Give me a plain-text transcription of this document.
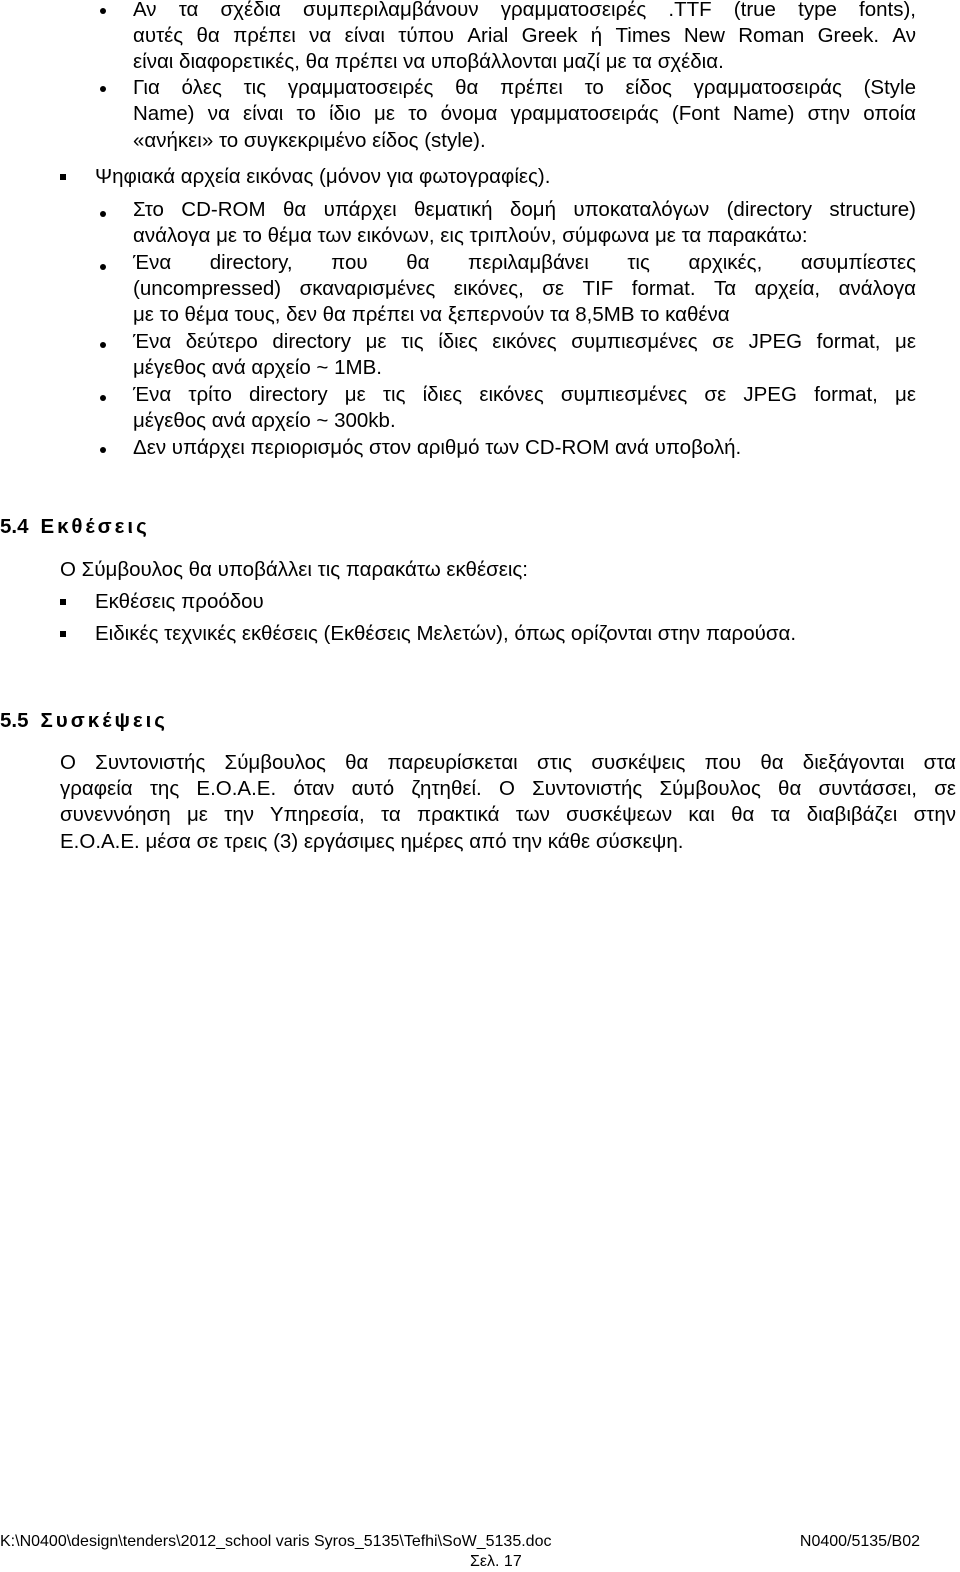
Αν τα σχέδια συμπεριλαμβάνουν γραμματοσειρές .TTF (true type fonts),
αυτές θα πρέπει να είναι τύπου Arial Greek ή Times New Roman Greek. Αν
είναι διαφορετικές, θα πρέπει να υποβάλλονται μαζί με τα σχέδια.
Για όλες τις γραμματοσειρές θα πρέπει το είδος γραμματοσειράς (Style
Name) να είναι το ίδιο με το όνομα γραμματοσειράς (Font Name) στην οποία
«ανήκει» το συγκεκριμένο είδος (style).
Ψηφιακά αρχεία εικόνας (μόνον για φωτογραφίες).
Στο CD-ROM θα υπάρχει θεματική δομή υποκαταλόγων (directory structure)
ανάλογα με το θέμα των εικόνων, εις τριπλούν, σύμφωνα με τα παρακάτω:
Ένα directory, που θα περιλαμβάνει τις αρχικές, ασυμπίεστες
(uncompressed) σκαναρισμένες εικόνες, σε TIF format. Τα αρχεία, ανάλογα
με το θέμα τους, δεν θα πρέπει να ξεπερνούν τα 8,5MB το καθένα
Ένα δεύτερο directory με τις ίδιες εικόνες συμπιεσμένες σε JPEG format, με
μέγεθος ανά αρχείο ~ 1MB.
Ένα τρίτο directory με τις ίδιες εικόνες συμπιεσμένες σε JPEG format, με
μέγεθος ανά αρχείο ~ 300kb.
Δεν υπάρχει περιορισμός στον αριθμό των CD-ROM ανά υποβολή.
5.4 Εκθέσεις
Ο Σύμβουλος θα υποβάλλει τις παρακάτω εκθέσεις:
Εκθέσεις προόδου
Ειδικές τεχνικές εκθέσεις (Εκθέσεις Μελετών), όπως ορίζονται στην παρούσα.
5.5 Συσκέψεις
Ο Συντονιστής Σύμβουλος θα παρευρίσκεται στις συσκέψεις που θα διεξάγονται στα
γραφεία της Ε.Ο.Α.Ε. όταν αυτό ζητηθεί. Ο Συντονιστής Σύμβουλος θα συντάσσει, σε
συνεννόηση με την Υπηρεσία, τα πρακτικά των συσκέψεων και θα τα διαβιβάζει στην
Ε.Ο.Α.Ε. μέσα σε τρεις (3) εργάσιμες ημέρες από την κάθε σύσκεψη.
K:\N0400\design\tenders\2012_school varis Syros_5135\Tefhi\SoW_5135.doc	N0400/5135/B02
Σελ. 17
